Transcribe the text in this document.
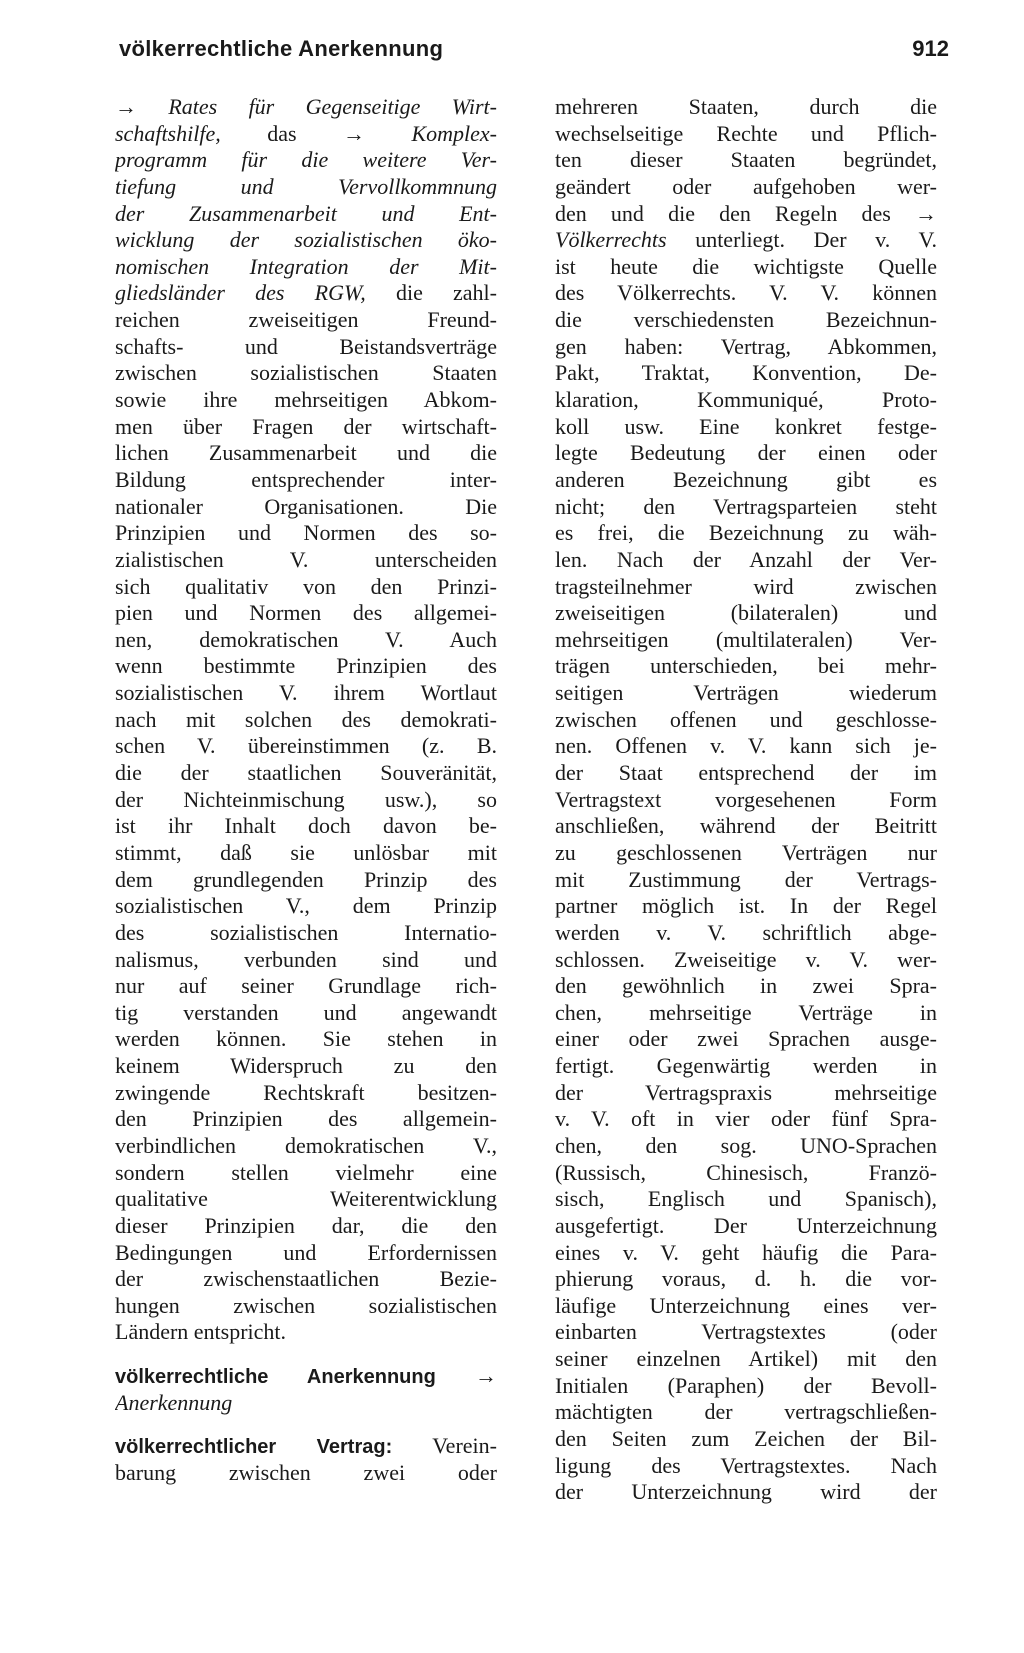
völkerrechtliche Anerkennung	912
→ Rates für Gegenseitige Wirt-
schaftshilfe, das → Komplex-
programm für die weitere Ver-
tiefung und Vervollkommnung
der Zusammenarbeit und Ent-
wicklung der sozialistischen öko-
nomischen Integration der Mit-
gliedsländer des RGW, die zahl-
reichen zweiseitigen Freund-
schafts- und Beistandsverträge
zwischen sozialistischen Staaten
sowie ihre mehrseitigen Abkom-
men über Fragen der wirtschaft-
lichen Zusammenarbeit und die
Bildung entsprechender inter-
nationaler Organisationen. Die
Prinzipien und Normen des so-
zialistischen V. unterscheiden
sich qualitativ von den Prinzi-
pien und Normen des allgemei-
nen, demokratischen V. Auch
wenn bestimmte Prinzipien des
sozialistischen V. ihrem Wortlaut
nach mit solchen des demokrati-
schen V. übereinstimmen (z. B.
die der staatlichen Souveränität,
der Nichteinmischung usw.), so
ist ihr Inhalt doch davon be-
stimmt, daß sie unlösbar mit
dem grundlegenden Prinzip des
sozialistischen V., dem Prinzip
des sozialistischen Internatio-
nalismus, verbunden sind und
nur auf seiner Grundlage rich-
tig verstanden und angewandt
werden können. Sie stehen in
keinem Widerspruch zu den
zwingende Rechtskraft besitzen-
den Prinzipien des allgemein-
verbindlichen demokratischen V.,
sondern stellen vielmehr eine
qualitative Weiterentwicklung
dieser Prinzipien dar, die den
Bedingungen und Erfordernissen
der zwischenstaatlichen Bezie-
hungen zwischen sozialistischen
Ländern entspricht.
völkerrechtliche Anerkennung →
Anerkennung
völkerrechtlicher Vertrag: Verein-
barung zwischen zwei oder
mehreren Staaten, durch die
wechselseitige Rechte und Pflich-
ten dieser Staaten begründet,
geändert oder aufgehoben wer-
den und die den Regeln des →
Völkerrechts unterliegt. Der v. V.
ist heute die wichtigste Quelle
des Völkerrechts. V. V. können
die verschiedensten Bezeichnun-
gen haben: Vertrag, Abkommen,
Pakt, Traktat, Konvention, De-
klaration, Kommuniqué, Proto-
koll usw. Eine konkret festge-
legte Bedeutung der einen oder
anderen Bezeichnung gibt es
nicht; den Vertragsparteien steht
es frei, die Bezeichnung zu wäh-
len. Nach der Anzahl der Ver-
tragsteilnehmer wird zwischen
zweiseitigen (bilateralen) und
mehrseitigen (multilateralen) Ver-
trägen unterschieden, bei mehr-
seitigen Verträgen wiederum
zwischen offenen und geschlosse-
nen. Offenen v. V. kann sich je-
der Staat entsprechend der im
Vertragstext vorgesehenen Form
anschließen, während der Beitritt
zu geschlossenen Verträgen nur
mit Zustimmung der Vertrags-
partner möglich ist. In der Regel
werden v. V. schriftlich abge-
schlossen. Zweiseitige v. V. wer-
den gewöhnlich in zwei Spra-
chen, mehrseitige Verträge in
einer oder zwei Sprachen ausge-
fertigt. Gegenwärtig werden in
der Vertragspraxis mehrseitige
v. V. oft in vier oder fünf Spra-
chen, den sog. UNO-Sprachen
(Russisch, Chinesisch, Franzö-
sisch, Englisch und Spanisch),
ausgefertigt. Der Unterzeichnung
eines v. V. geht häufig die Para-
phierung voraus, d. h. die vor-
läufige Unterzeichnung eines ver-
einbarten Vertragstextes (oder
seiner einzelnen Artikel) mit den
Initialen (Paraphen) der Bevoll-
mächtigten der vertragschließen-
den Seiten zum Zeichen der Bil-
ligung des Vertragstextes. Nach
der Unterzeichnung wird der
